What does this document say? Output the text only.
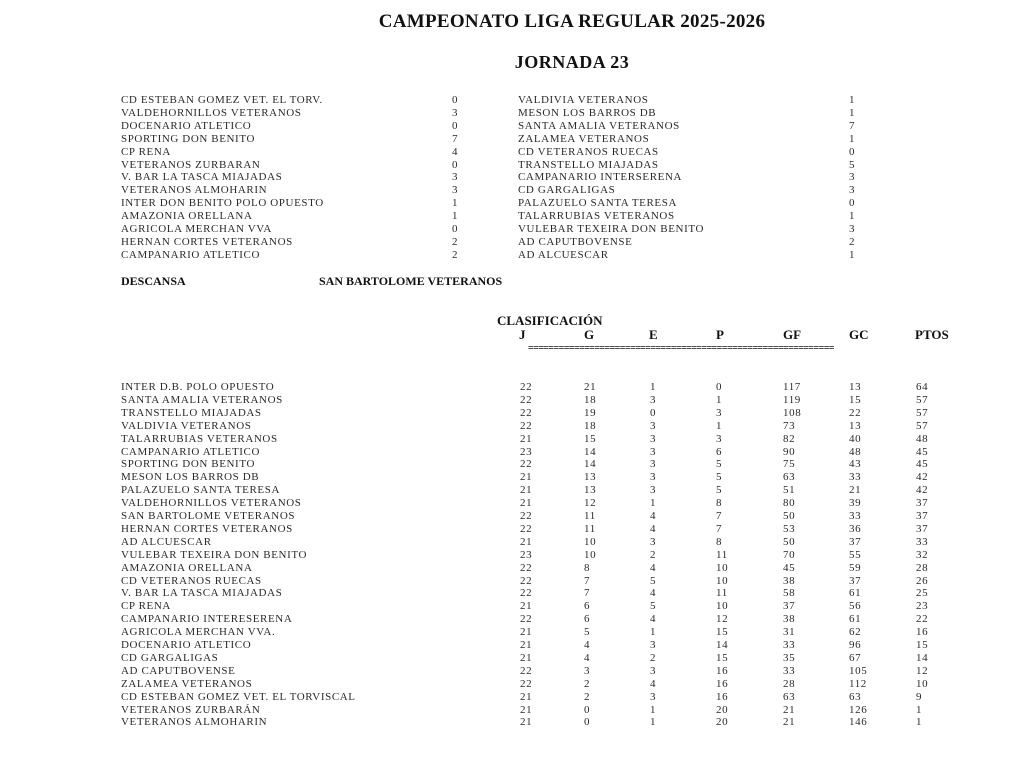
CAMPEONATO LIGA REGULAR 2025-2026
JORNADA 23
CD ESTEBAN GOMEZ VET. EL TORV.	0	VALDIVIA VETERANOS	1
VALDEHORNILLOS VETERANOS	3	MESON LOS BARROS DB	1
DOCENARIO ATLETICO	0	SANTA AMALIA VETERANOS	7
SPORTING DON BENITO	7	ZALAMEA VETERANOS	1
CP RENA	4	CD VETERANOS RUECAS	0
VETERANOS ZURBARAN	0	TRANSTELLO MIAJADAS	5
V. BAR LA TASCA MIAJADAS	3	CAMPANARIO INTERSERENA	3
VETERANOS ALMOHARIN	3	CD GARGALIGAS	3
INTER DON BENITO POLO OPUESTO	1	PALAZUELO SANTA TERESA	0
AMAZONIA ORELLANA	1	TALARRUBIAS VETERANOS	1
AGRICOLA MERCHAN VVA	0	VULEBAR TEXEIRA DON BENITO	3
HERNAN CORTES VETERANOS	2	AD CAPUTBOVENSE	2
CAMPANARIO ATLETICO	2	AD ALCUESCAR	1
DESCANSA	SAN BARTOLOME VETERANOS
CLASIFICACIÓN
J	G	E	P	GF	GC	PTOS
============================================================
INTER D.B. POLO OPUESTO	22	21	1	0	117	13	64
SANTA AMALIA VETERANOS	22	18	3	1	119	15	57
TRANSTELLO MIAJADAS	22	19	0	3	108	22	57
VALDIVIA VETERANOS	22	18	3	1	73	13	57
TALARRUBIAS VETERANOS	21	15	3	3	82	40	48
CAMPANARIO ATLETICO	23	14	3	6	90	48	45
SPORTING DON BENITO	22	14	3	5	75	43	45
MESON LOS BARROS DB	21	13	3	5	63	33	42
PALAZUELO SANTA TERESA	21	13	3	5	51	21	42
VALDEHORNILLOS VETERANOS	21	12	1	8	80	39	37
SAN BARTOLOME VETERANOS	22	11	4	7	50	33	37
HERNAN CORTES VETERANOS	22	11	4	7	53	36	37
AD ALCUESCAR	21	10	3	8	50	37	33
VULEBAR TEXEIRA DON BENITO	23	10	2	11	70	55	32
AMAZONIA ORELLANA	22	8	4	10	45	59	28
CD VETERANOS RUECAS	22	7	5	10	38	37	26
V. BAR LA TASCA MIAJADAS	22	7	4	11	58	61	25
CP RENA	21	6	5	10	37	56	23
CAMPANARIO INTERESERENA	22	6	4	12	38	61	22
AGRICOLA MERCHAN VVA.	21	5	1	15	31	62	16
DOCENARIO ATLETICO	21	4	3	14	33	96	15
CD GARGALIGAS	21	4	2	15	35	67	14
AD CAPUTBOVENSE	22	3	3	16	33	105	12
ZALAMEA VETERANOS	22	2	4	16	28	112	10
CD ESTEBAN GOMEZ VET. EL TORVISCAL	21	2	3	16	63	63	9
VETERANOS ZURBARÁN	21	0	1	20	21	126	1
VETERANOS ALMOHARIN	21	0	1	20	21	146	1
